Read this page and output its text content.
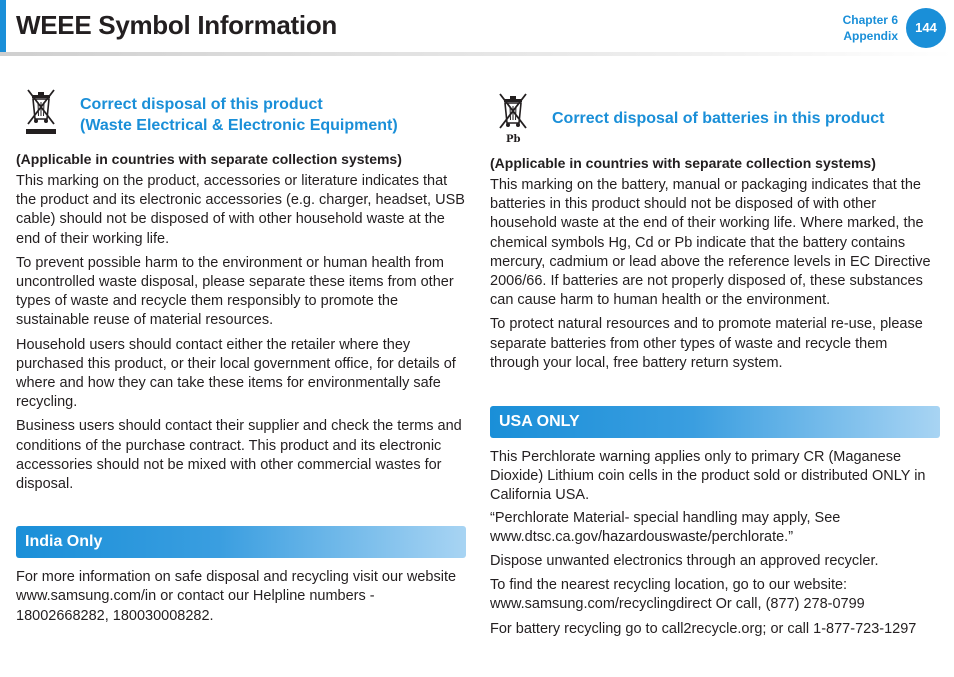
WEEE Symbol Information	Chapter 6
Appendix
144
Correct disposal of this product
(Waste Electrical & Electronic Equipment)
(Applicable in countries with separate collection systems)

This marking on the product, accessories or literature indicates that the product and its electronic accessories (e.g. charger, headset, USB cable) should not be disposed of with other household waste at the end of their working life.

To prevent possible harm to the environment or human health from uncontrolled waste disposal, please separate these items from other types of waste and recycle them responsibly to promote the sustainable reuse of material resources.

Household users should contact either the retailer where they purchased this product, or their local government office, for details of where and how they can take these items for environmentally safe recycling.

Business users should contact their supplier and check the terms and conditions of the purchase contract. This product and its electronic accessories should not be mixed with other commercial wastes for disposal.

India Only

For more information on safe disposal and recycling visit our website www.samsung.com/in or contact our Helpline numbers - 18002668282, 180030008282.

Pb
Correct disposal of batteries in this product
(Applicable in countries with separate collection systems)

This marking on the battery, manual or packaging indicates that the batteries in this product should not be disposed of with other household waste at the end of their working life. Where marked, the chemical symbols Hg, Cd or Pb indicate that the battery contains mercury, cadmium or lead above the reference levels in EC Directive 2006/66. If batteries are not properly disposed of, these substances can cause harm to human health or the environment.

To protect natural resources and to promote material re-use, please separate batteries from other types of waste and recycle them through your local, free battery return system.

USA ONLY

This Perchlorate warning applies only to primary CR (Maganese Dioxide) Lithium coin cells in the product sold or distributed ONLY in California USA.

“Perchlorate Material- special handling may apply, See www.dtsc.ca.gov/hazardouswaste/perchlorate.”

Dispose unwanted electronics through an approved recycler.

To find the nearest recycling location, go to our website: www.samsung.com/recyclingdirect Or call, (877) 278-0799

For battery recycling go to call2recycle.org; or call 1-877-723-1297
